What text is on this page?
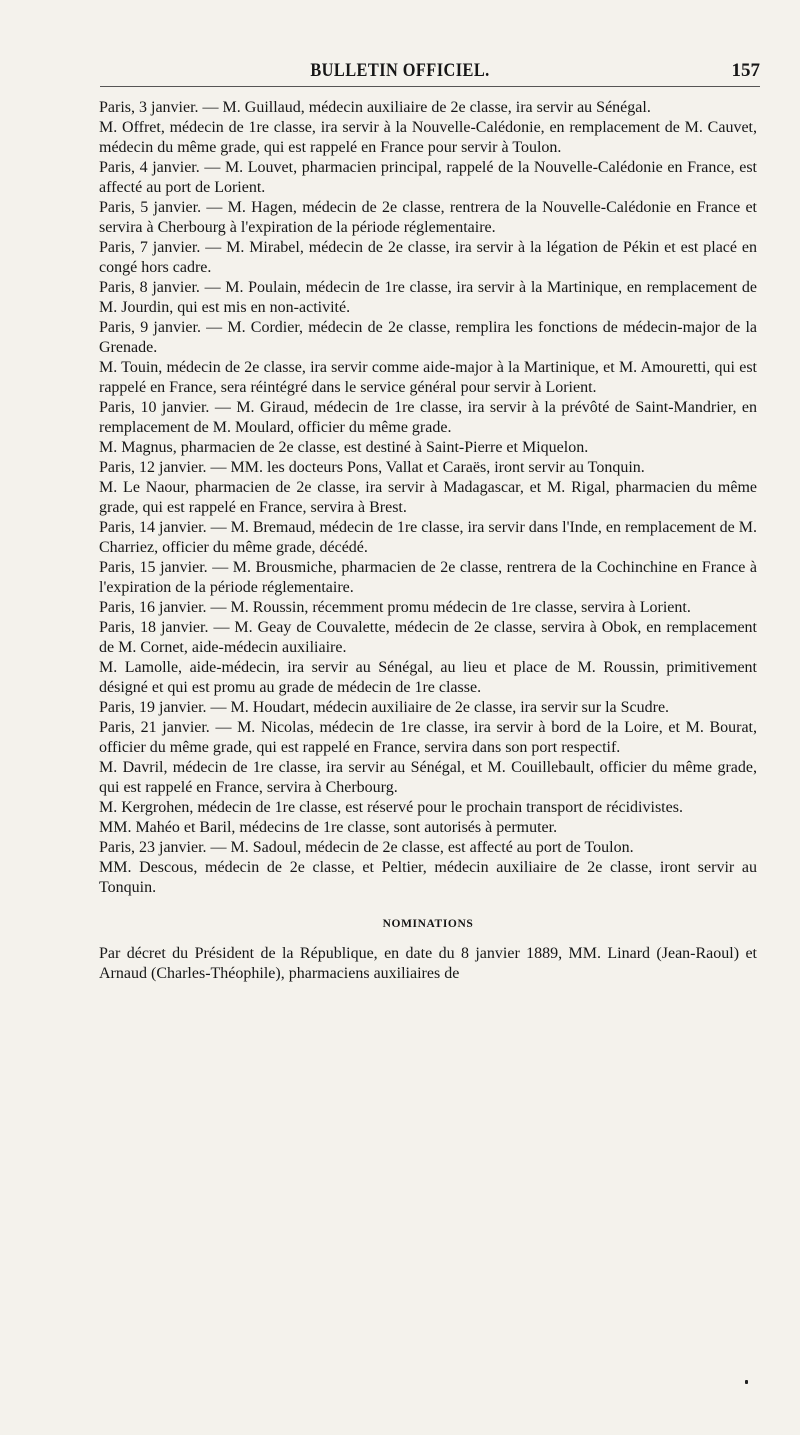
BULLETIN OFFICIEL.	157

Paris, 3 janvier. — M. Guillaud, médecin auxiliaire de 2e classe, ira servir au Sénégal.

M. Offret, médecin de 1re classe, ira servir à la Nouvelle-Calédonie, en remplacement de M. Cauvet, médecin du même grade, qui est rappelé en France pour servir à Toulon.

Paris, 4 janvier. — M. Louvet, pharmacien principal, rappelé de la Nouvelle-Calédonie en France, est affecté au port de Lorient.

Paris, 5 janvier. — M. Hagen, médecin de 2e classe, rentrera de la Nouvelle-Calédonie en France et servira à Cherbourg à l'expiration de la période réglementaire.

Paris, 7 janvier. — M. Mirabel, médecin de 2e classe, ira servir à la légation de Pékin et est placé en congé hors cadre.

Paris, 8 janvier. — M. Poulain, médecin de 1re classe, ira servir à la Martinique, en remplacement de M. Jourdin, qui est mis en non-activité.

Paris, 9 janvier. — M. Cordier, médecin de 2e classe, remplira les fonctions de médecin-major de la Grenade.

M. Touin, médecin de 2e classe, ira servir comme aide-major à la Martinique, et M. Amouretti, qui est rappelé en France, sera réintégré dans le service général pour servir à Lorient.

Paris, 10 janvier. — M. Giraud, médecin de 1re classe, ira servir à la prévôté de Saint-Mandrier, en remplacement de M. Moulard, officier du même grade.

M. Magnus, pharmacien de 2e classe, est destiné à Saint-Pierre et Miquelon.

Paris, 12 janvier. — MM. les docteurs Pons, Vallat et Caraës, iront servir au Tonquin.

M. Le Naour, pharmacien de 2e classe, ira servir à Madagascar, et M. Rigal, pharmacien du même grade, qui est rappelé en France, servira à Brest.

Paris, 14 janvier. — M. Bremaud, médecin de 1re classe, ira servir dans l'Inde, en remplacement de M. Charriez, officier du même grade, décédé.

Paris, 15 janvier. — M. Brousmiche, pharmacien de 2e classe, rentrera de la Cochinchine en France à l'expiration de la période réglementaire.

Paris, 16 janvier. — M. Roussin, récemment promu médecin de 1re classe, servira à Lorient.

Paris, 18 janvier. — M. Geay de Couvalette, médecin de 2e classe, servira à Obok, en remplacement de M. Cornet, aide-médecin auxiliaire.

M. Lamolle, aide-médecin, ira servir au Sénégal, au lieu et place de M. Roussin, primitivement désigné et qui est promu au grade de médecin de 1re classe.

Paris, 19 janvier. — M. Houdart, médecin auxiliaire de 2e classe, ira servir sur la Scudre.

Paris, 21 janvier. — M. Nicolas, médecin de 1re classe, ira servir à bord de la Loire, et M. Bourat, officier du même grade, qui est rappelé en France, servira dans son port respectif.

M. Davril, médecin de 1re classe, ira servir au Sénégal, et M. Couillebault, officier du même grade, qui est rappelé en France, servira à Cherbourg.

M. Kergrohen, médecin de 1re classe, est réservé pour le prochain transport de récidivistes.

MM. Mahéo et Baril, médecins de 1re classe, sont autorisés à permuter.

Paris, 23 janvier. — M. Sadoul, médecin de 2e classe, est affecté au port de Toulon.

MM. Descous, médecin de 2e classe, et Peltier, médecin auxiliaire de 2e classe, iront servir au Tonquin.

NOMINATIONS

Par décret du Président de la République, en date du 8 janvier 1889, MM. Linard (Jean-Raoul) et Arnaud (Charles-Théophile), pharmaciens auxiliaires de
